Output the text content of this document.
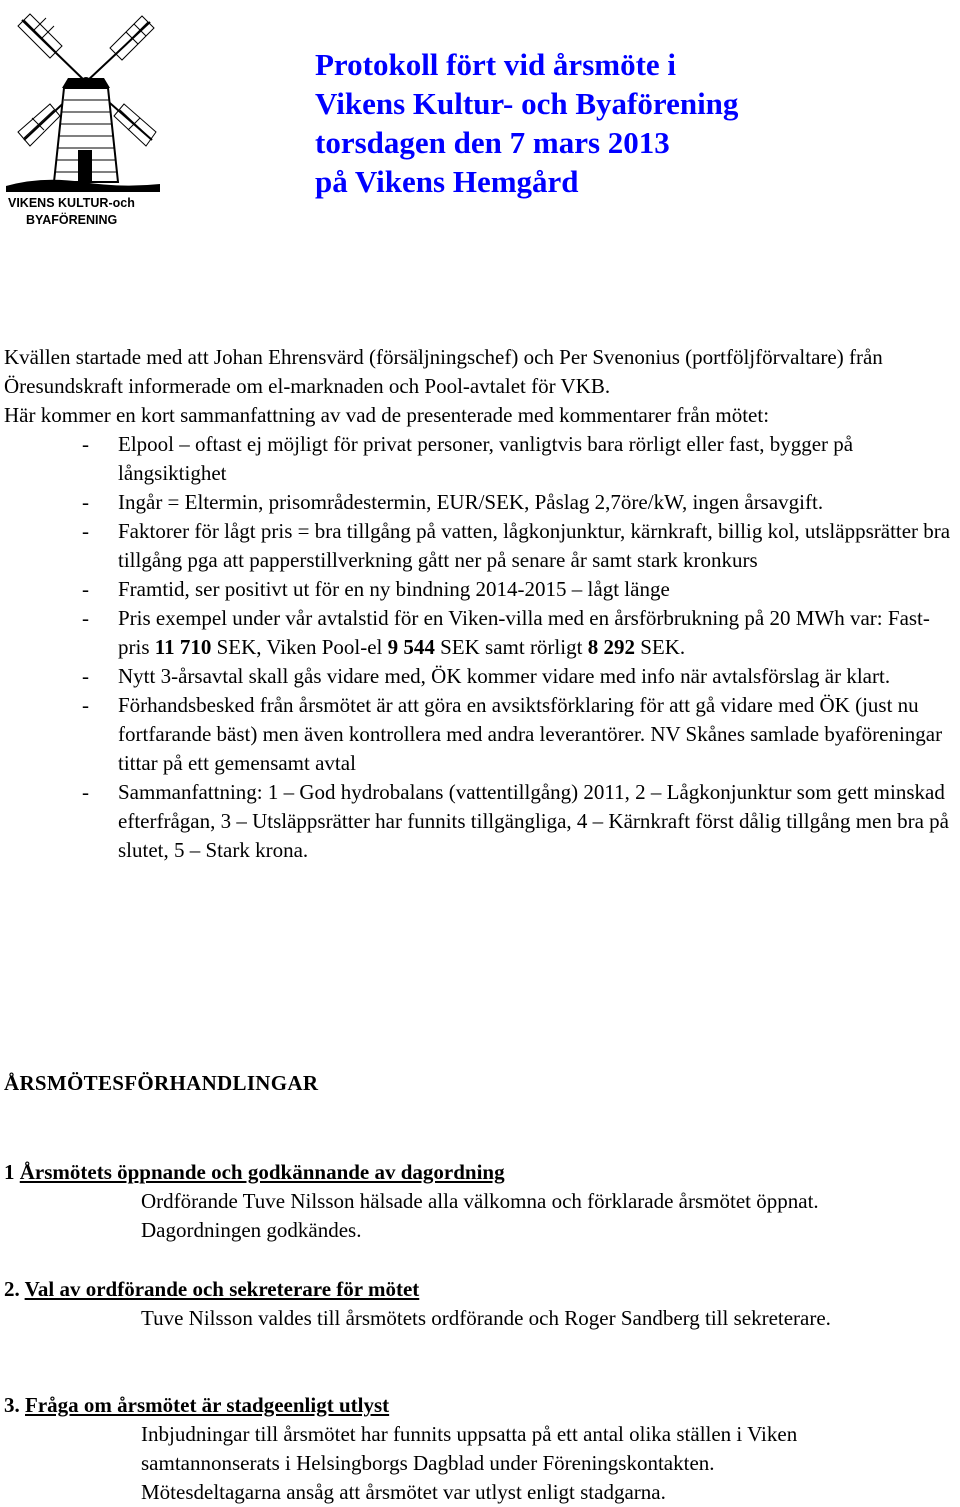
VIKENS KULTUR-och
BYAFÖRENING
Protokoll fört vid årsmöte i
Vikens Kultur- och Byaförening
torsdagen den 7 mars 2013
på Vikens Hemgård

Kvällen startade med att Johan Ehrensvärd (försäljningschef) och Per Svenonius (portföljförvaltare) från Öresundskraft informerade om el-marknaden och Pool-avtalet för VKB.

Här kommer en kort sammanfattning av vad de presenterade med kommentarer från mötet:

- Elpool – oftast ej möjligt för privat personer, vanligtvis bara rörligt eller fast, bygger på långsiktighet
- Ingår = Eltermin, prisområdestermin, EUR/SEK, Påslag 2,7öre/kW, ingen årsavgift.
- Faktorer för lågt pris = bra tillgång på vatten, lågkonjunktur, kärnkraft, billig kol, utsläppsrätter bra tillgång pga att papperstillverkning gått ner på senare år samt stark kronkurs
- Framtid, ser positivt ut för en ny bindning 2014-2015 – lågt länge
- Pris exempel under vår avtalstid för en Viken-villa med en årsförbrukning på 20 MWh var: Fast-pris 11 710 SEK, Viken Pool-el 9 544 SEK samt rörligt 8 292 SEK.
- Nytt 3-årsavtal skall gås vidare med, ÖK kommer vidare med info när avtalsförslag är klart.
- Förhandsbesked från årsmötet är att göra en avsiktsförklaring för att gå vidare med ÖK (just nu fortfarande bäst) men även kontrollera med andra leverantörer. NV Skånes samlade byaföreningar tittar på ett gemensamt avtal
- Sammanfattning: 1 – God hydrobalans (vattentillgång) 2011, 2 – Lågkonjunktur som gett minskad efterfrågan, 3 – Utsläppsrätter har funnits tillgängliga, 4 – Kärnkraft först dålig tillgång men bra på slutet, 5 – Stark krona.
ÅRSMÖTESFÖRHANDLINGAR
1 Årsmötets öppnande och godkännande av dagordning

Ordförande Tuve Nilsson hälsade alla välkomna och förklarade årsmötet öppnat.

Dagordningen godkändes.

2. Val av ordförande och sekreterare för mötet

Tuve Nilsson valdes till årsmötets ordförande och Roger Sandberg till sekreterare.

3. Fråga om årsmötet är stadgeenligt utlyst

Inbjudningar till årsmötet har funnits uppsatta på ett antal olika ställen i Viken samtannonserats i Helsingborgs Dagblad under Föreningskontakten.

Mötesdeltagarna ansåg att årsmötet var utlyst enligt stadgarna.
